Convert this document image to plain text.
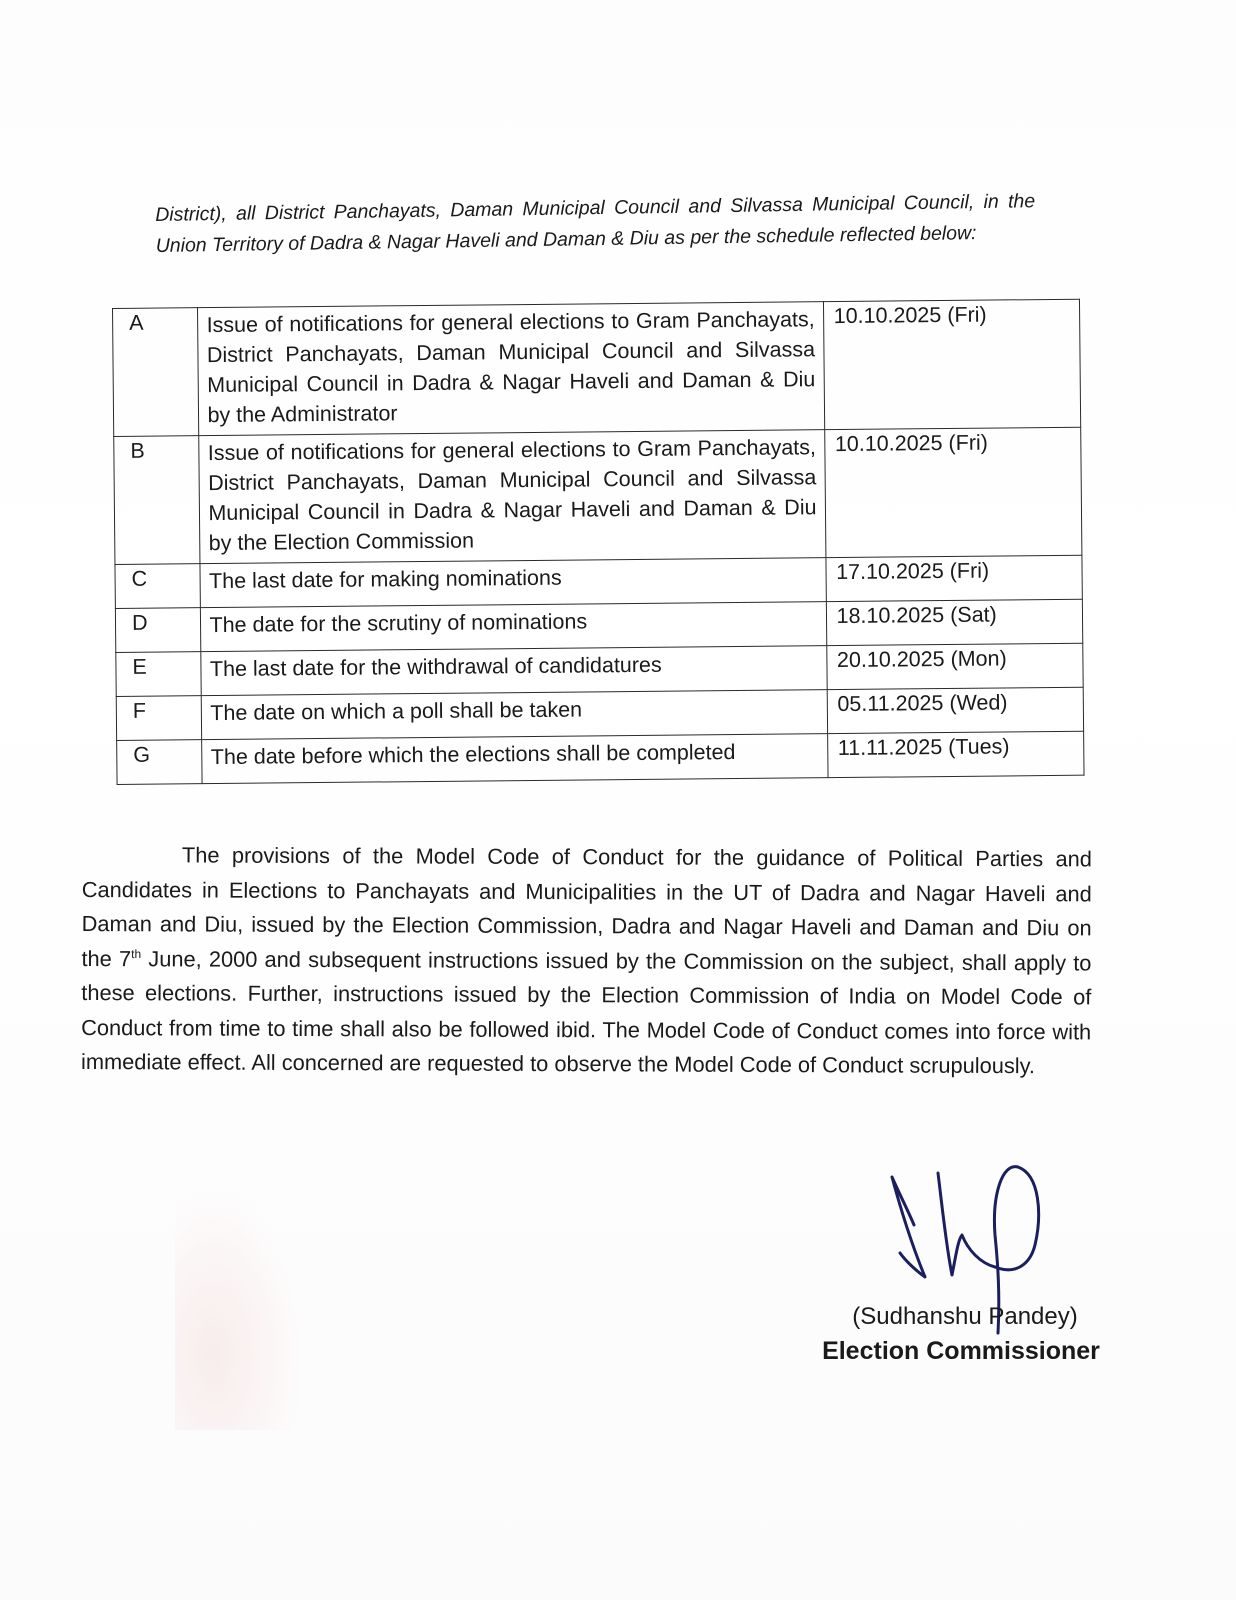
District), all District Panchayats, Daman Municipal Council and Silvassa Municipal Council, in the Union Territory of Dadra & Nagar Haveli and Daman & Diu as per the schedule reflected below:

A	Issue of notifications for general elections to Gram Panchayats, District Panchayats, Daman Municipal Council and Silvassa Municipal Council in Dadra & Nagar Haveli and Daman & Diu by the Administrator	10.10.2025 (Fri)
B	Issue of notifications for general elections to Gram Panchayats, District Panchayats, Daman Municipal Council and Silvassa Municipal Council in Dadra & Nagar Haveli and Daman & Diu by the Election Commission	10.10.2025 (Fri)
C	The last date for making nominations	17.10.2025 (Fri)
D	The date for the scrutiny of nominations	18.10.2025 (Sat)
E	The last date for the withdrawal of candidatures	20.10.2025 (Mon)
F	The date on which a poll shall be taken	05.11.2025 (Wed)
G	The date before which the elections shall be completed	11.11.2025 (Tues)

The provisions of the Model Code of Conduct for the guidance of Political Parties and Candidates in Elections to Panchayats and Municipalities in the UT of Dadra and Nagar Haveli and Daman and Diu, issued by the Election Commission, Dadra and Nagar Haveli and Daman and Diu on the 7th June, 2000 and subsequent instructions issued by the Commission on the subject, shall apply to these elections. Further, instructions issued by the Election Commission of India on Model Code of Conduct from time to time shall also be followed ibid. The Model Code of Conduct comes into force with immediate effect. All concerned are requested to observe the Model Code of Conduct scrupulously.

(Sudhanshu Pandey)
Election Commissioner
